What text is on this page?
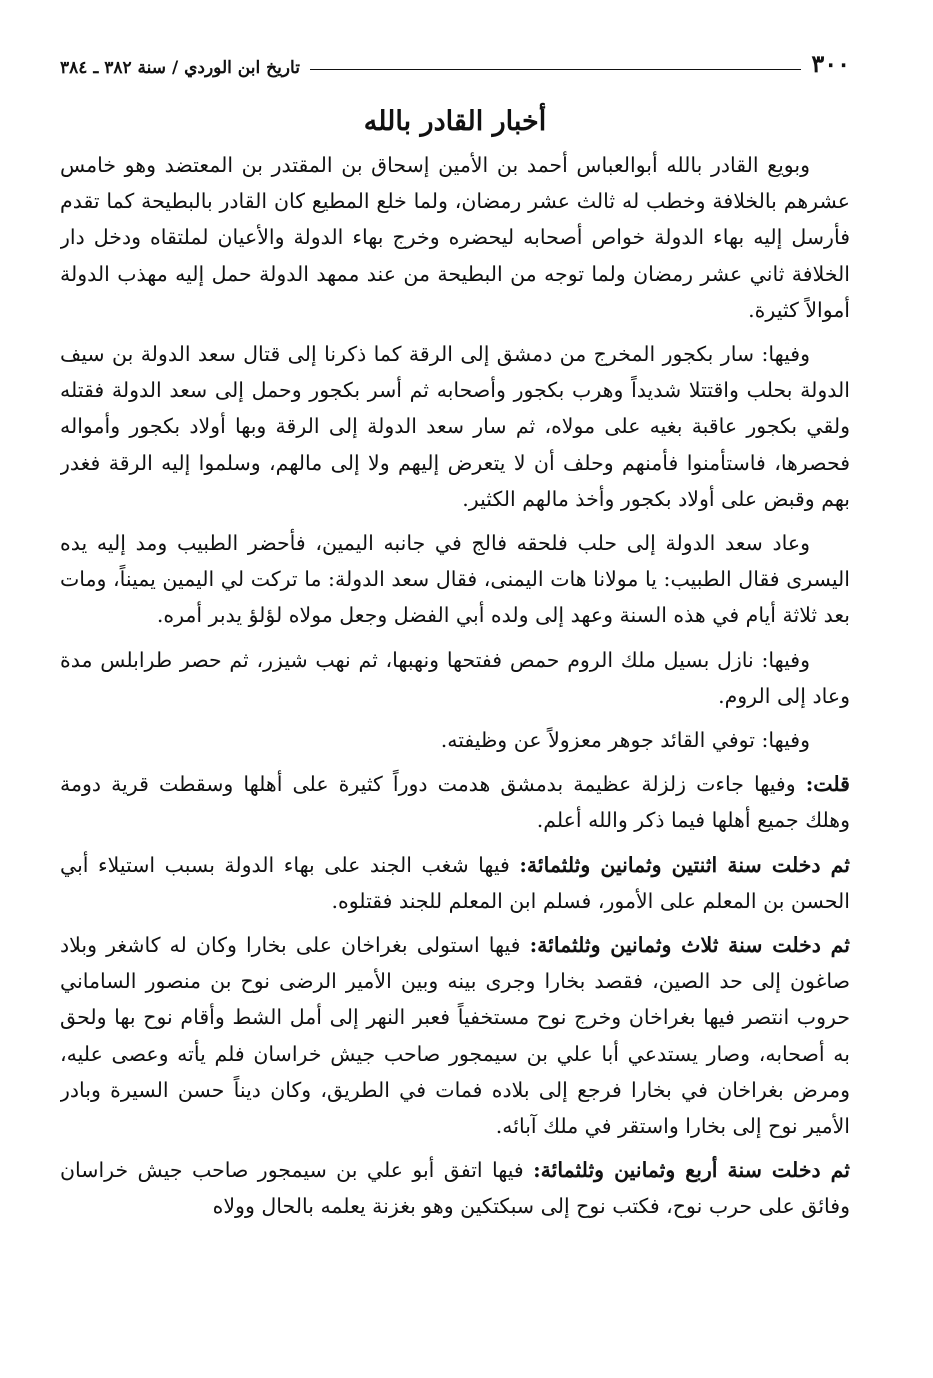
٣٠٠
تاريخ ابن الوردي / سنة ٣٨٢ ـ ٣٨٤
أخبار القادر بالله

وبويع القادر بالله أبوالعباس أحمد بن الأمين إسحاق بن المقتدر بن المعتضد وهو خامس عشرهم بالخلافة وخطب له ثالث عشر رمضان، ولما خلع المطيع كان القادر بالبطيحة كما تقدم فأرسل إليه بهاء الدولة خواص أصحابه ليحضره وخرج بهاء الدولة والأعيان لملتقاه ودخل دار الخلافة ثاني عشر رمضان ولما توجه من البطيحة من عند ممهد الدولة حمل إليه مهذب الدولة أموالاً كثيرة.

وفيها: سار بكجور المخرج من دمشق إلى الرقة كما ذكرنا إلى قتال سعد الدولة بن سيف الدولة بحلب واقتتلا شديداً وهرب بكجور وأصحابه ثم أسر بكجور وحمل إلى سعد الدولة فقتله ولقي بكجور عاقبة بغيه على مولاه، ثم سار سعد الدولة إلى الرقة وبها أولاد بكجور وأمواله فحصرها، فاستأمنوا فأمنهم وحلف أن لا يتعرض إليهم ولا إلى مالهم، وسلموا إليه الرقة فغدر بهم وقبض على أولاد بكجور وأخذ مالهم الكثير.

وعاد سعد الدولة إلى حلب فلحقه فالج في جانبه اليمين، فأحضر الطبيب ومد إليه يده اليسرى فقال الطبيب: يا مولانا هات اليمنى، فقال سعد الدولة: ما تركت لي اليمين يميناً، ومات بعد ثلاثة أيام في هذه السنة وعهد إلى ولده أبي الفضل وجعل مولاه لؤلؤ يدبر أمره.

وفيها: نازل بسيل ملك الروم حمص ففتحها ونهبها، ثم نهب شيزر، ثم حصر طرابلس مدة وعاد إلى الروم.

وفيها: توفي القائد جوهر معزولاً عن وظيفته.

قلت: وفيها جاءت زلزلة عظيمة بدمشق هدمت دوراً كثيرة على أهلها وسقطت قرية دومة وهلك جميع أهلها فيما ذكر والله أعلم.

ثم دخلت سنة اثنتين وثمانين وثلثمائة: فيها شغب الجند على بهاء الدولة بسبب استيلاء أبي الحسن بن المعلم على الأمور، فسلم ابن المعلم للجند فقتلوه.

ثم دخلت سنة ثلاث وثمانين وثلثمائة: فيها استولى بغراخان على بخارا وكان له كاشغر وبلاد صاغون إلى حد الصين، فقصد بخارا وجرى بينه وبين الأمير الرضى نوح بن منصور الساماني حروب انتصر فيها بغراخان وخرج نوح مستخفياً فعبر النهر إلى أمل الشط وأقام نوح بها ولحق به أصحابه، وصار يستدعي أبا علي بن سيمجور صاحب جيش خراسان فلم يأته وعصى عليه، ومرض بغراخان في بخارا فرجع إلى بلاده فمات في الطريق، وكان ديناً حسن السيرة وبادر الأمير نوح إلى بخارا واستقر في ملك آبائه.

ثم دخلت سنة أربع وثمانين وثلثمائة: فيها اتفق أبو علي بن سيمجور صاحب جيش خراسان وفائق على حرب نوح، فكتب نوح إلى سبكتكين وهو بغزنة يعلمه بالحال وولاه
